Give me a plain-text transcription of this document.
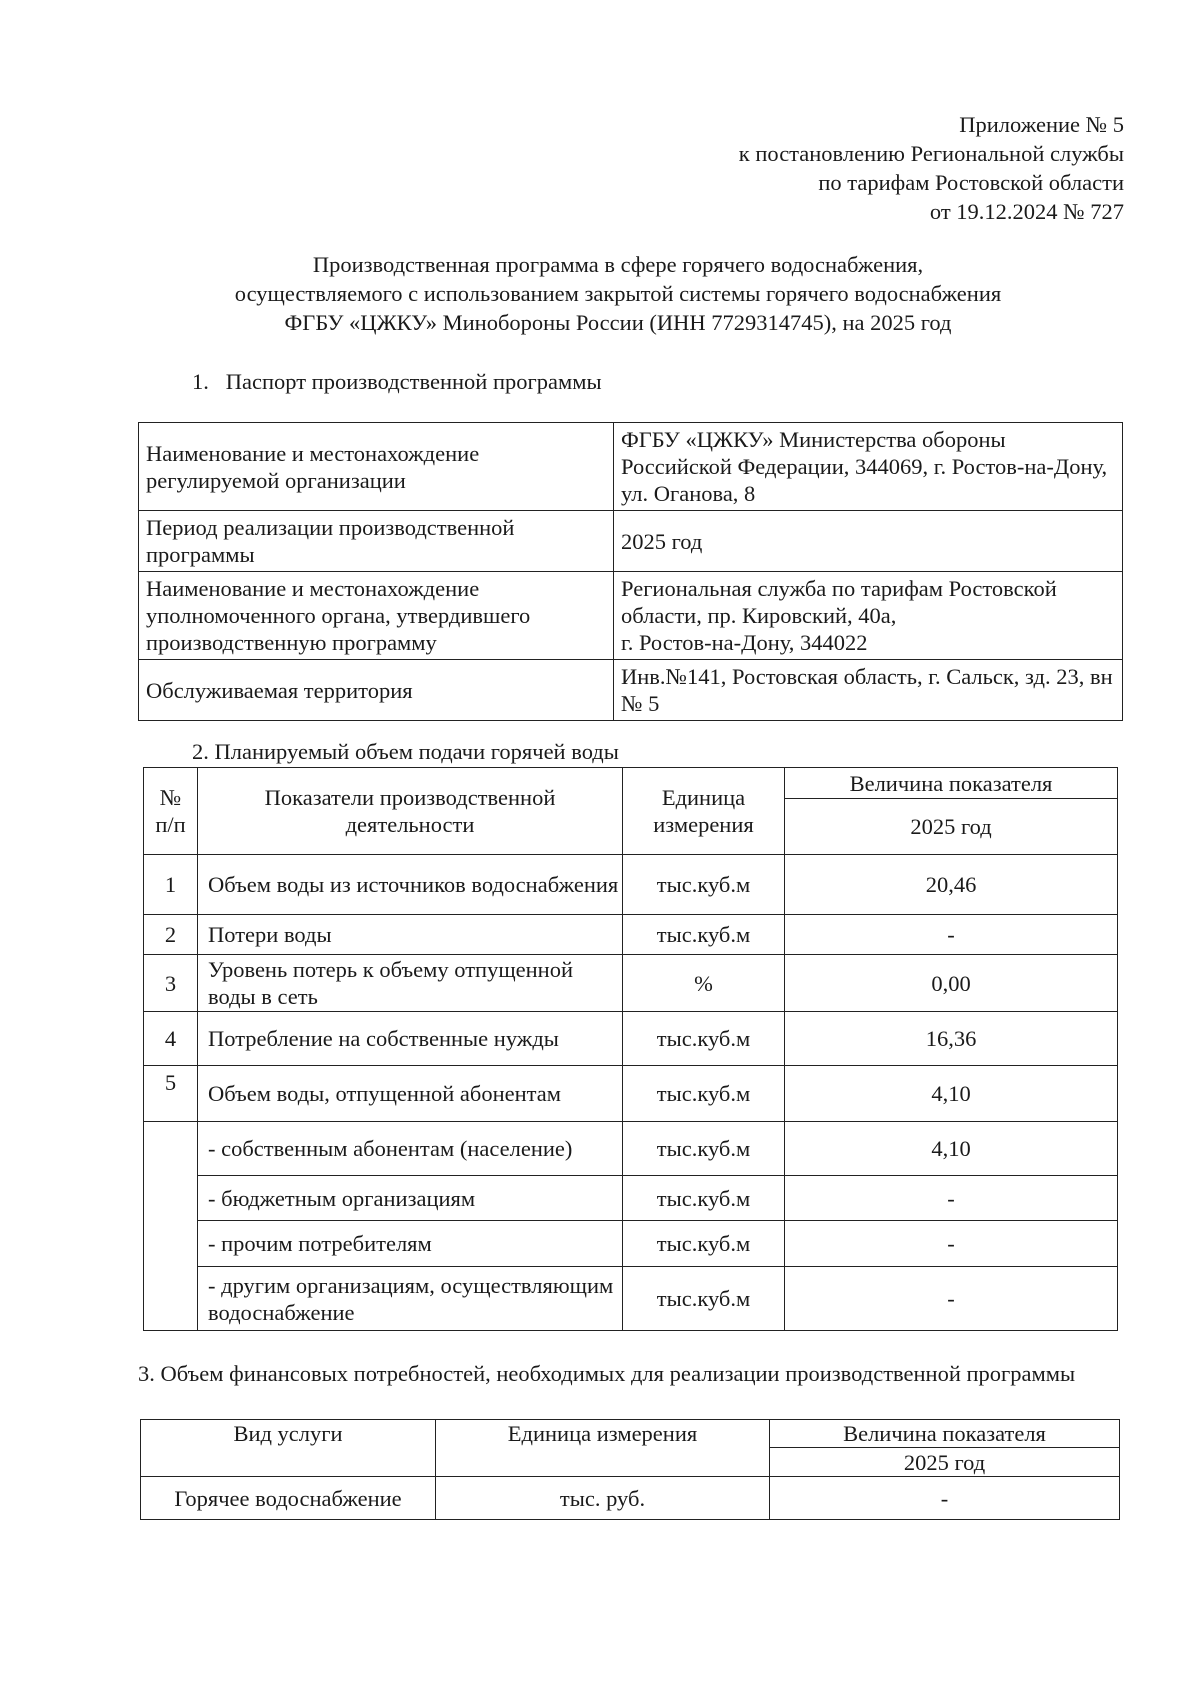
Приложение № 5
к постановлению Региональной службы
по тарифам Ростовской области
от 19.12.2024 № 727
Производственная программа в сфере горячего водоснабжения,
осуществляемого с использованием закрытой системы горячего водоснабжения
ФГБУ «ЦЖКУ» Минобороны России (ИНН 7729314745), на 2025 год
1. Паспорт производственной программы
Наименование и местонахождение регулируемой организации	ФГБУ «ЦЖКУ» Министерства обороны Российской Федерации, 344069, г. Ростов-на-Дону, ул. Оганова, 8
Период реализации производственной программы	2025 год
Наименование и местонахождение уполномоченного органа, утвердившего производственную программу	Региональная служба по тарифам Ростовской области, пр. Кировский, 40а,
г. Ростов-на-Дону, 344022

Обслуживаемая территория	Инв.№141, Ростовская область, г. Сальск, зд. 23, вн № 5
2. Планируемый объем подачи горячей воды
№
п/п	Показатели производственной деятельности	Единица измерения	Величина показателя
			2025 год
1	Объем воды из источников водоснабжения	тыс.куб.м	20,46
2	Потери воды	тыс.куб.м	-
3	Уровень потерь к объему отпущенной воды в сеть	%	0,00
4	Потребление на собственные нужды	тыс.куб.м	16,36
5	Объем воды, отпущенной абонентам	тыс.куб.м	4,10
	- собственным абонентам (население)	тыс.куб.м	4,10
	- бюджетным организациям	тыс.куб.м	-
	- прочим потребителям	тыс.куб.м	-
	- другим организациям, осуществляющим водоснабжение	тыс.куб.м	-
3. Объем финансовых потребностей, необходимых для реализации производственной программы
Вид услуги	Единица измерения	Величина показателя
		2025 год
Горячее водоснабжение	тыс. руб.	-
